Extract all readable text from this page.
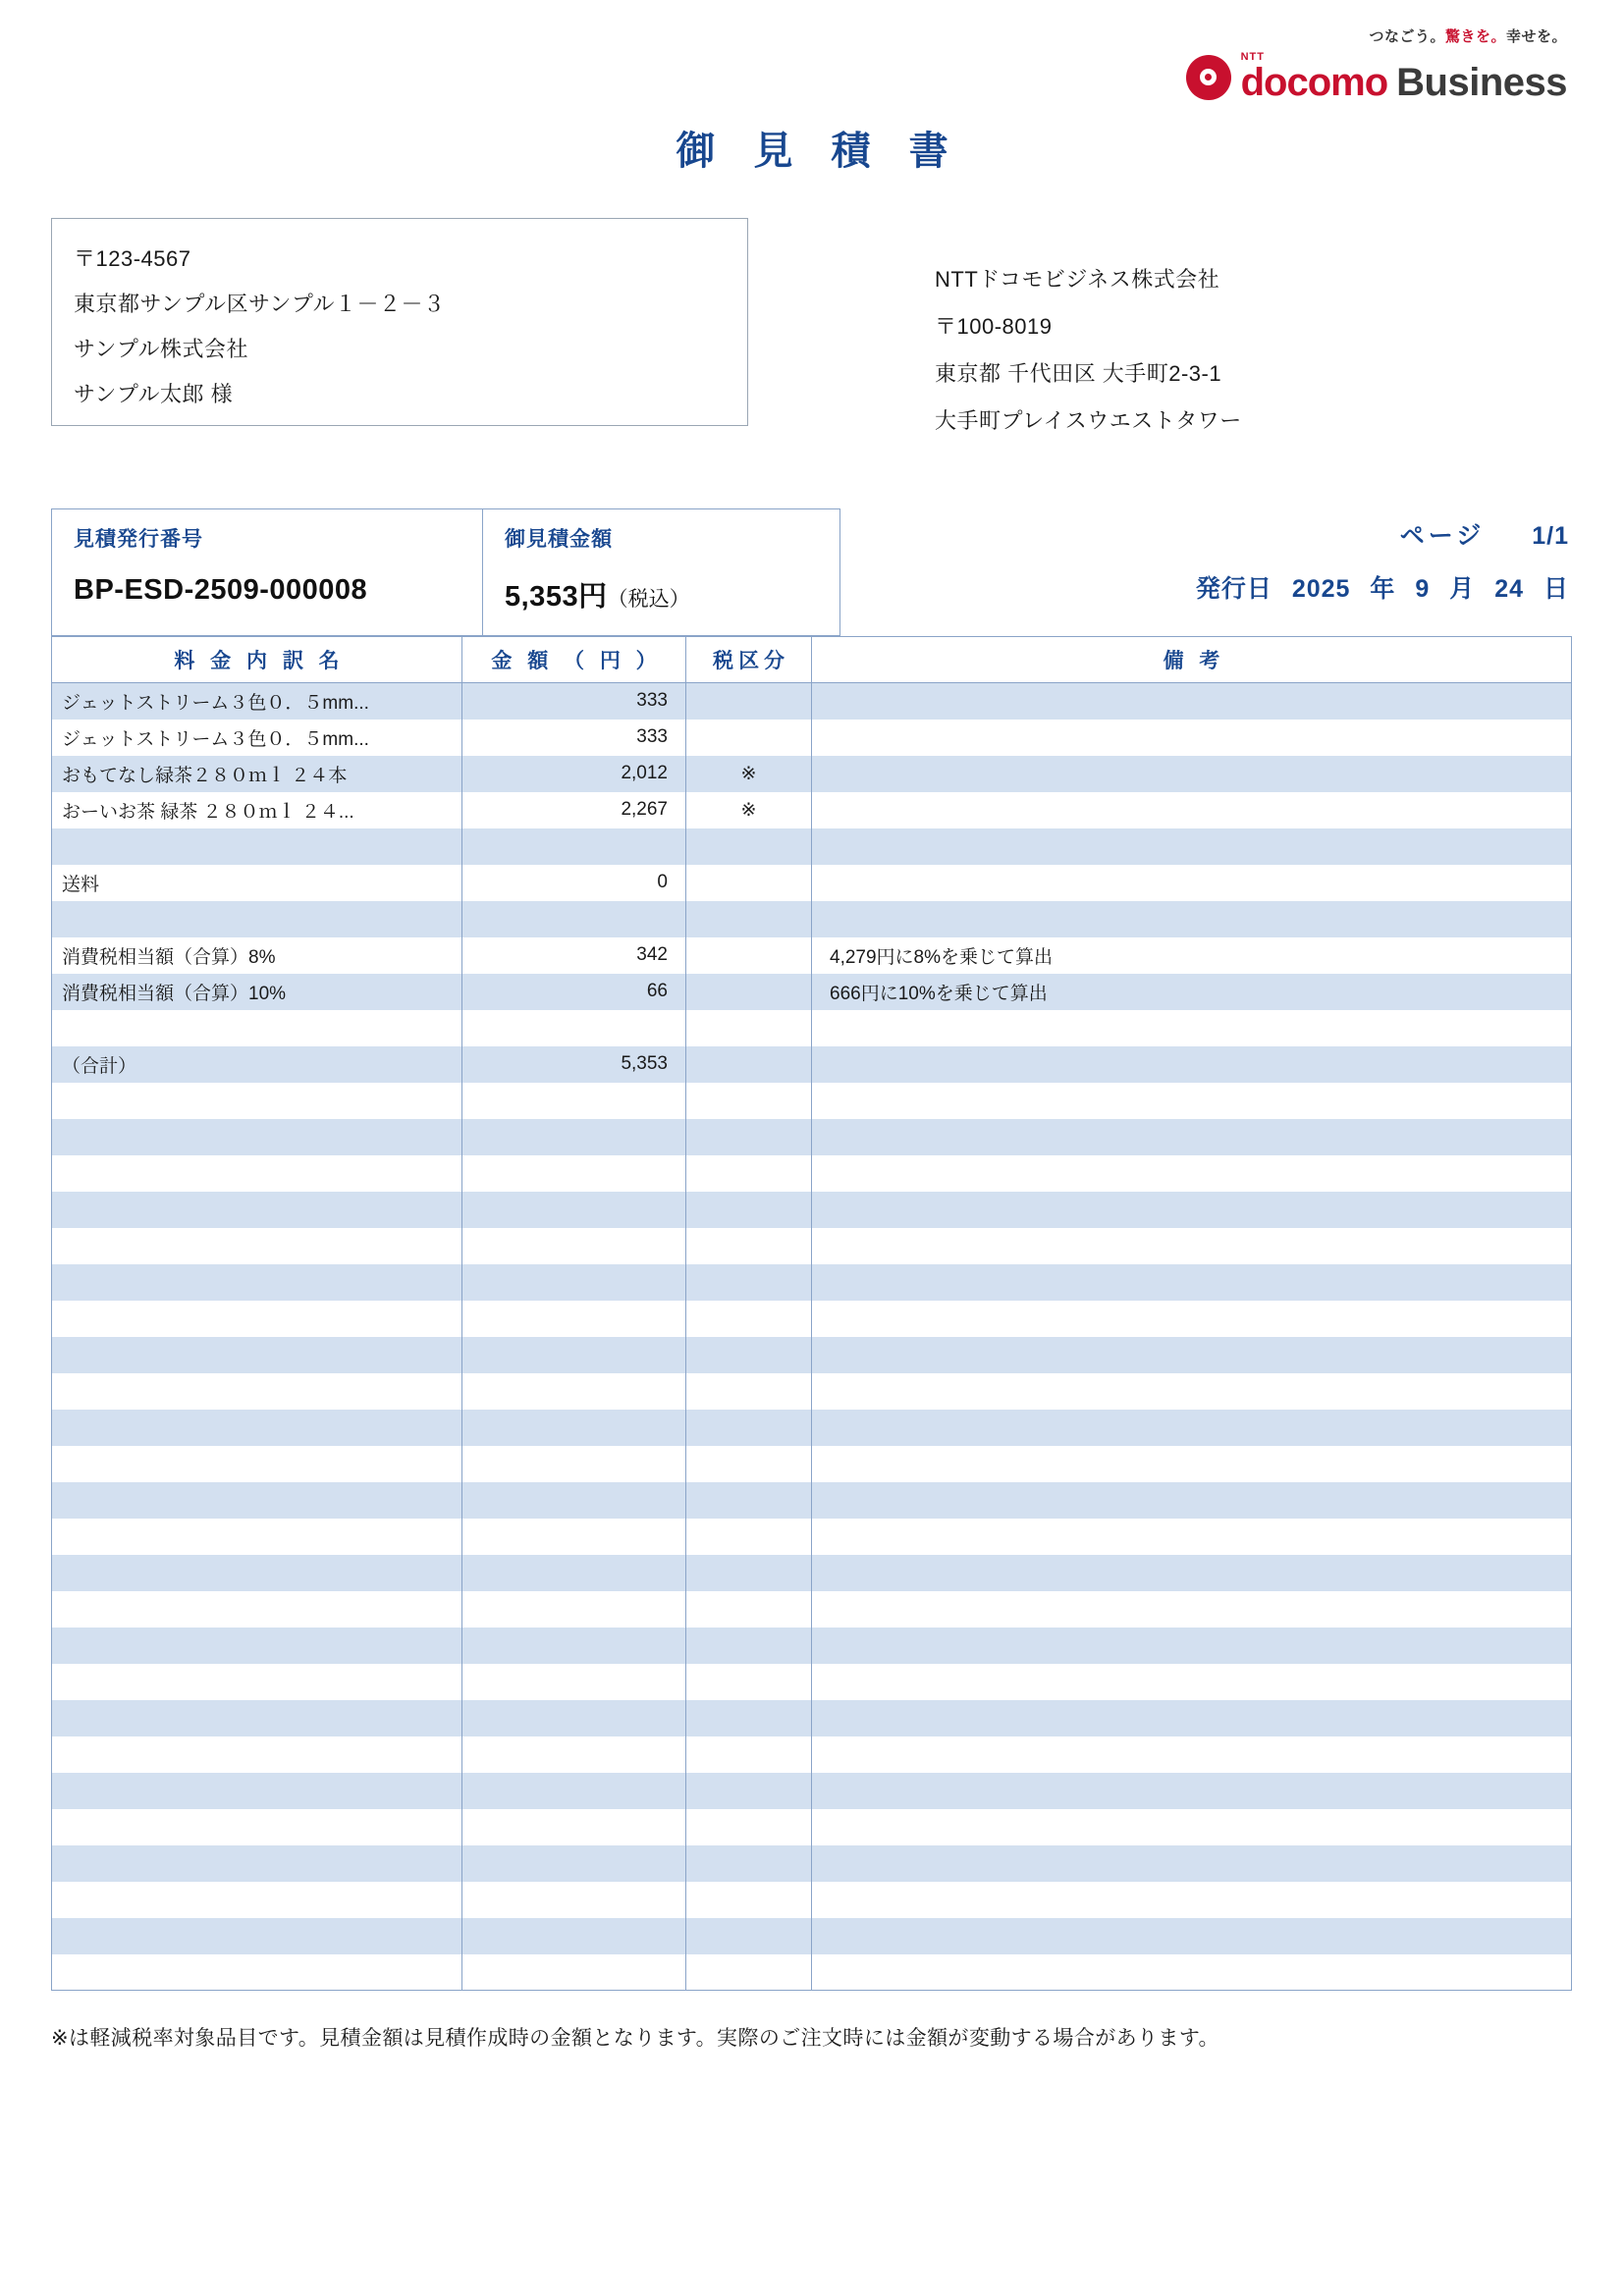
つなごう。驚きを。幸せを。
NTT
docomo Business
御 見 積 書
〒123-4567
東京都サンプル区サンプル１－２－３
サンプル株式会社
サンプル太郎 様
NTTドコモビジネス株式会社
〒100-8019
東京都 千代田区 大手町2-3-1
大手町プレイスウエストタワー
ページ 1/1
発行日 2025 年 9 月 24 日
見積発行番号
BP-ESD-2509-000008
御見積金額
5,353円（税込）
料 金 内 訳 名	金 額 （ 円 ）	税区分	備 考
ジェットストリーム３色０．５mm...	333		
ジェットストリーム３色０．５mm...	333		
おもてなし緑茶２８０ｍｌ ２４本	2,012	※	
おーいお茶 緑茶 ２８０ｍｌ ２４...	2,267	※	

送料	0		

消費税相当額（合算）8%	342		4,279円に8%を乗じて算出
消費税相当額（合算）10%	66		666円に10%を乗じて算出

（合計）	5,353		

※は軽減税率対象品目です。見積金額は見積作成時の金額となります。実際のご注文時には金額が変動する場合があります。
